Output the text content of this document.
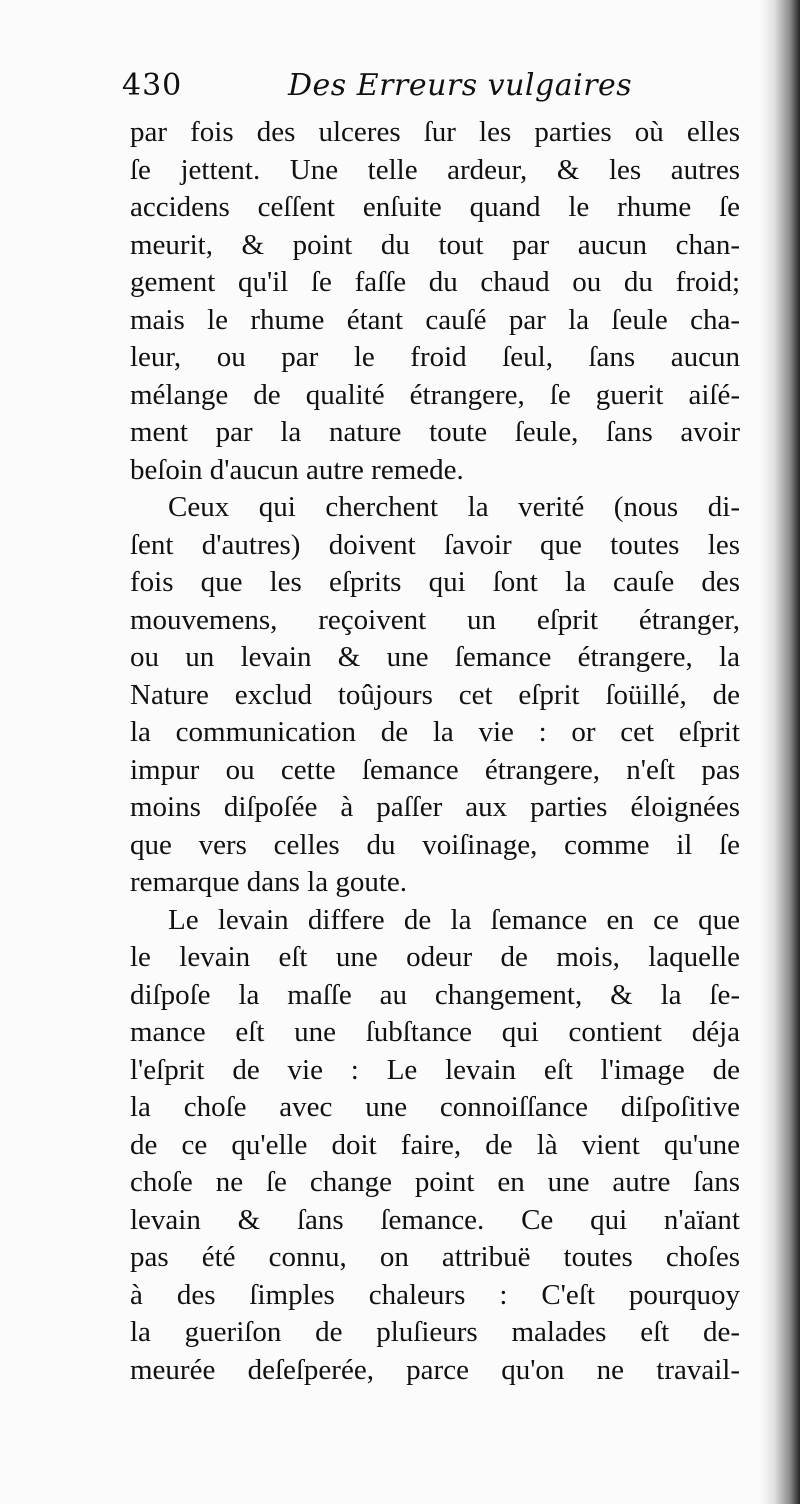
430	Des Erreurs vulgaires
par fois des ulceres ſur les parties où elles
ſe jettent. Une telle ardeur, & les autres
accidens ceſſent enſuite quand le rhume ſe
meurit, & point du tout par aucun chan-
gement qu'il ſe faſſe du chaud ou du froid;
mais le rhume étant cauſé par la ſeule cha-
leur, ou par le froid ſeul, ſans aucun
mélange de qualité étrangere, ſe guerit aiſé-
ment par la nature toute ſeule, ſans avoir
beſoin d'aucun autre remede.
Ceux qui cherchent la verité (nous di-
ſent d'autres) doivent ſavoir que toutes les
fois que les eſprits qui ſont la cauſe des
mouvemens, reçoivent un eſprit étranger,
ou un levain & une ſemance étrangere, la
Nature exclud toûjours cet eſprit ſoüillé, de
la communication de la vie : or cet eſprit
impur ou cette ſemance étrangere, n'eſt pas
moins diſpoſée à paſſer aux parties éloignées
que vers celles du voiſinage, comme il ſe
remarque dans la goute.
Le levain differe de la ſemance en ce que
le levain eſt une odeur de mois, laquelle
diſpoſe la maſſe au changement, & la ſe-
mance eſt une ſubſtance qui contient déja
l'eſprit de vie : Le levain eſt l'image de
la choſe avec une connoiſſance diſpoſitive
de ce qu'elle doit faire, de là vient qu'une
choſe ne ſe change point en une autre ſans
levain & ſans ſemance. Ce qui n'aïant
pas été connu, on attribuë toutes choſes
à des ſimples chaleurs : C'eſt pourquoy
la gueriſon de pluſieurs malades eſt de-
meurée deſeſperée, parce qu'on ne travail-
